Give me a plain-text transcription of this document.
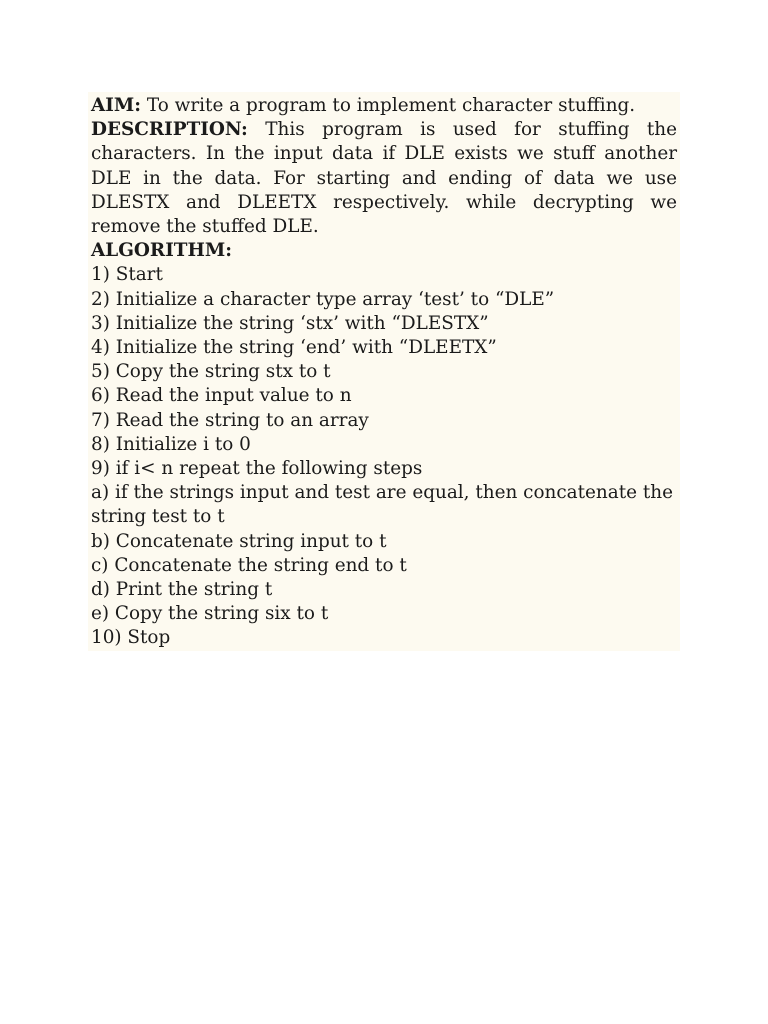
AIM: To write a program to implement character stuffing.

DESCRIPTION: This program is used for stuffing the characters. In the input data if DLE exists we stuff another DLE in the data. For starting and ending of data we use DLESTX and DLEETX respectively. while decrypting we remove the stuffed DLE.

ALGORITHM:

1) Start

2) Initialize a character type array ‘test’ to “DLE”

3) Initialize the string ‘stx’ with “DLESTX”

4) Initialize the string ‘end’ with “DLEETX”

5) Copy the string stx to t

6) Read the input value to n

7) Read the string to an array

8) Initialize i to 0

9) if i< n repeat the following steps

a) if the strings input and test are equal, then concatenate the string test to t

b) Concatenate string input to t

c) Concatenate the string end to t

d) Print the string t

e) Copy the string six to t

10) Stop
